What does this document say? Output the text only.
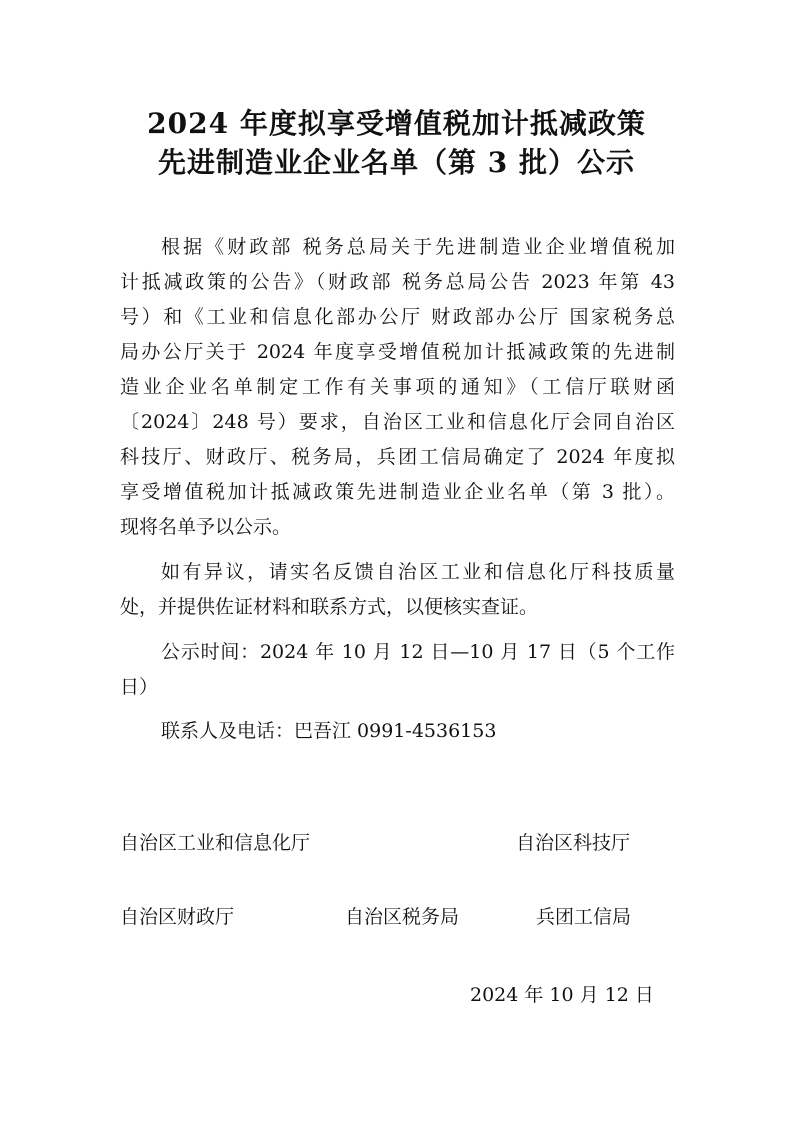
2024 年度拟享受增值税加计抵减政策
先进制造业企业名单（第 3 批）公示
根据《财政部 税务总局关于先进制造业企业增值税加
计抵减政策的公告》（财政部 税务总局公告 2023 年第 43
号）和《工业和信息化部办公厅 财政部办公厅 国家税务总
局办公厅关于 2024 年度享受增值税加计抵减政策的先进制
造业企业名单制定工作有关事项的通知》（工信厅联财函
〔2024〕248 号）要求，自治区工业和信息化厅会同自治区
科技厅、财政厅、税务局，兵团工信局确定了 2024 年度拟
享受增值税加计抵减政策先进制造业企业名单（第 3 批）。
现将名单予以公示。
如有异议，请实名反馈自治区工业和信息化厅科技质量
处，并提供佐证材料和联系方式，以便核实查证。
公示时间：2024 年 10 月 12 日—10 月 17 日（5 个工作
日）
联系人及电话：巴吾江 0991-4536153
自治区工业和信息化厅	自治区科技厅
自治区财政厅	自治区税务局	兵团工信局
2024 年 10 月 12 日
